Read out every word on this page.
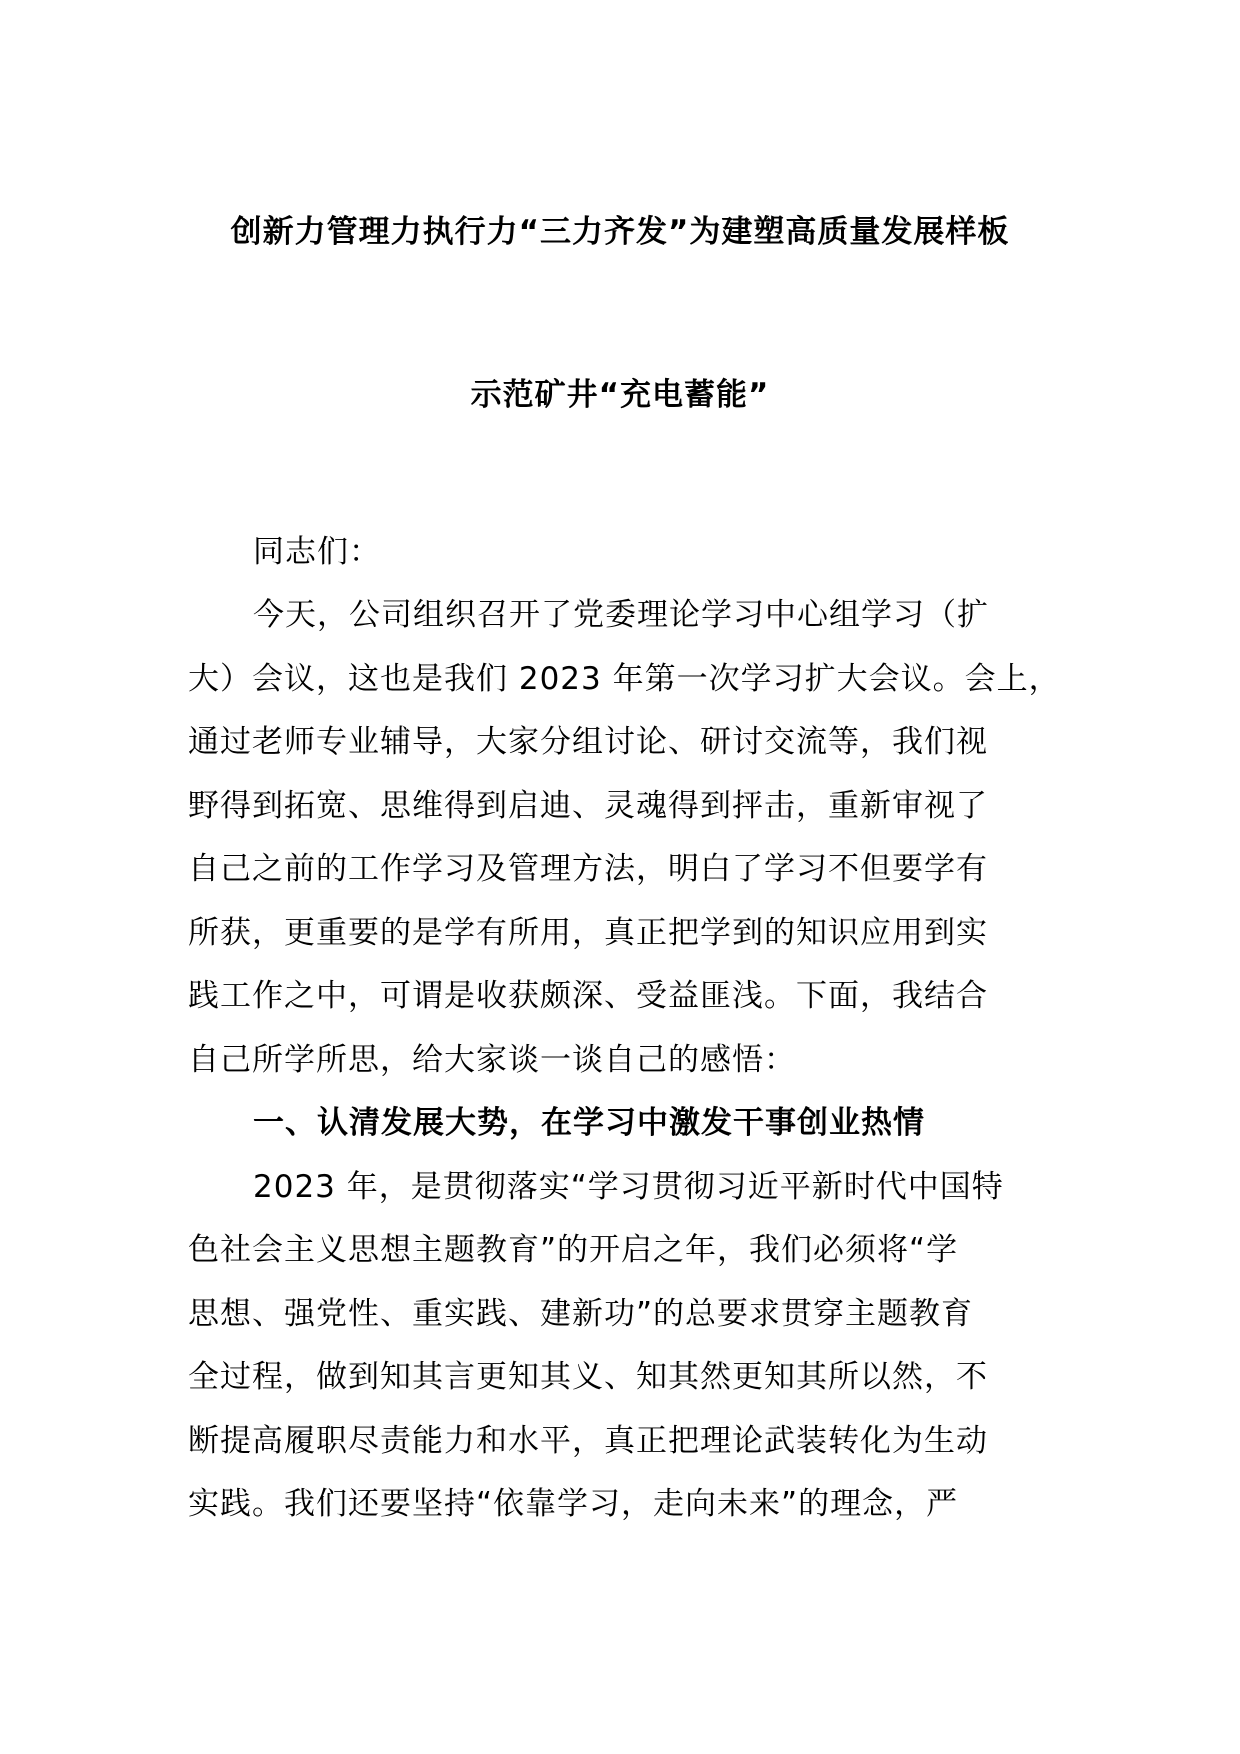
创新力管理力执行力“三力齐发”为建塑高质量发展样板
示范矿井“充电蓄能”
同志们：
今天，公司组织召开了党委理论学习中心组学习（扩
大）会议，这也是我们 2023 年第一次学习扩大会议。会上，
通过老师专业辅导，大家分组讨论、研讨交流等，我们视
野得到拓宽、思维得到启迪、灵魂得到抨击，重新审视了
自己之前的工作学习及管理方法，明白了学习不但要学有
所获，更重要的是学有所用，真正把学到的知识应用到实
践工作之中，可谓是收获颇深、受益匪浅。下面，我结合
自己所学所思，给大家谈一谈自己的感悟：
一、认清发展大势，在学习中激发干事创业热情
2023 年，是贯彻落实“学习贯彻习近平新时代中国特
色社会主义思想主题教育”的开启之年，我们必须将“学
思想、强党性、重实践、建新功”的总要求贯穿主题教育
全过程，做到知其言更知其义、知其然更知其所以然，不
断提高履职尽责能力和水平，真正把理论武装转化为生动
实践。我们还要坚持“依靠学习，走向未来”的理念，严
